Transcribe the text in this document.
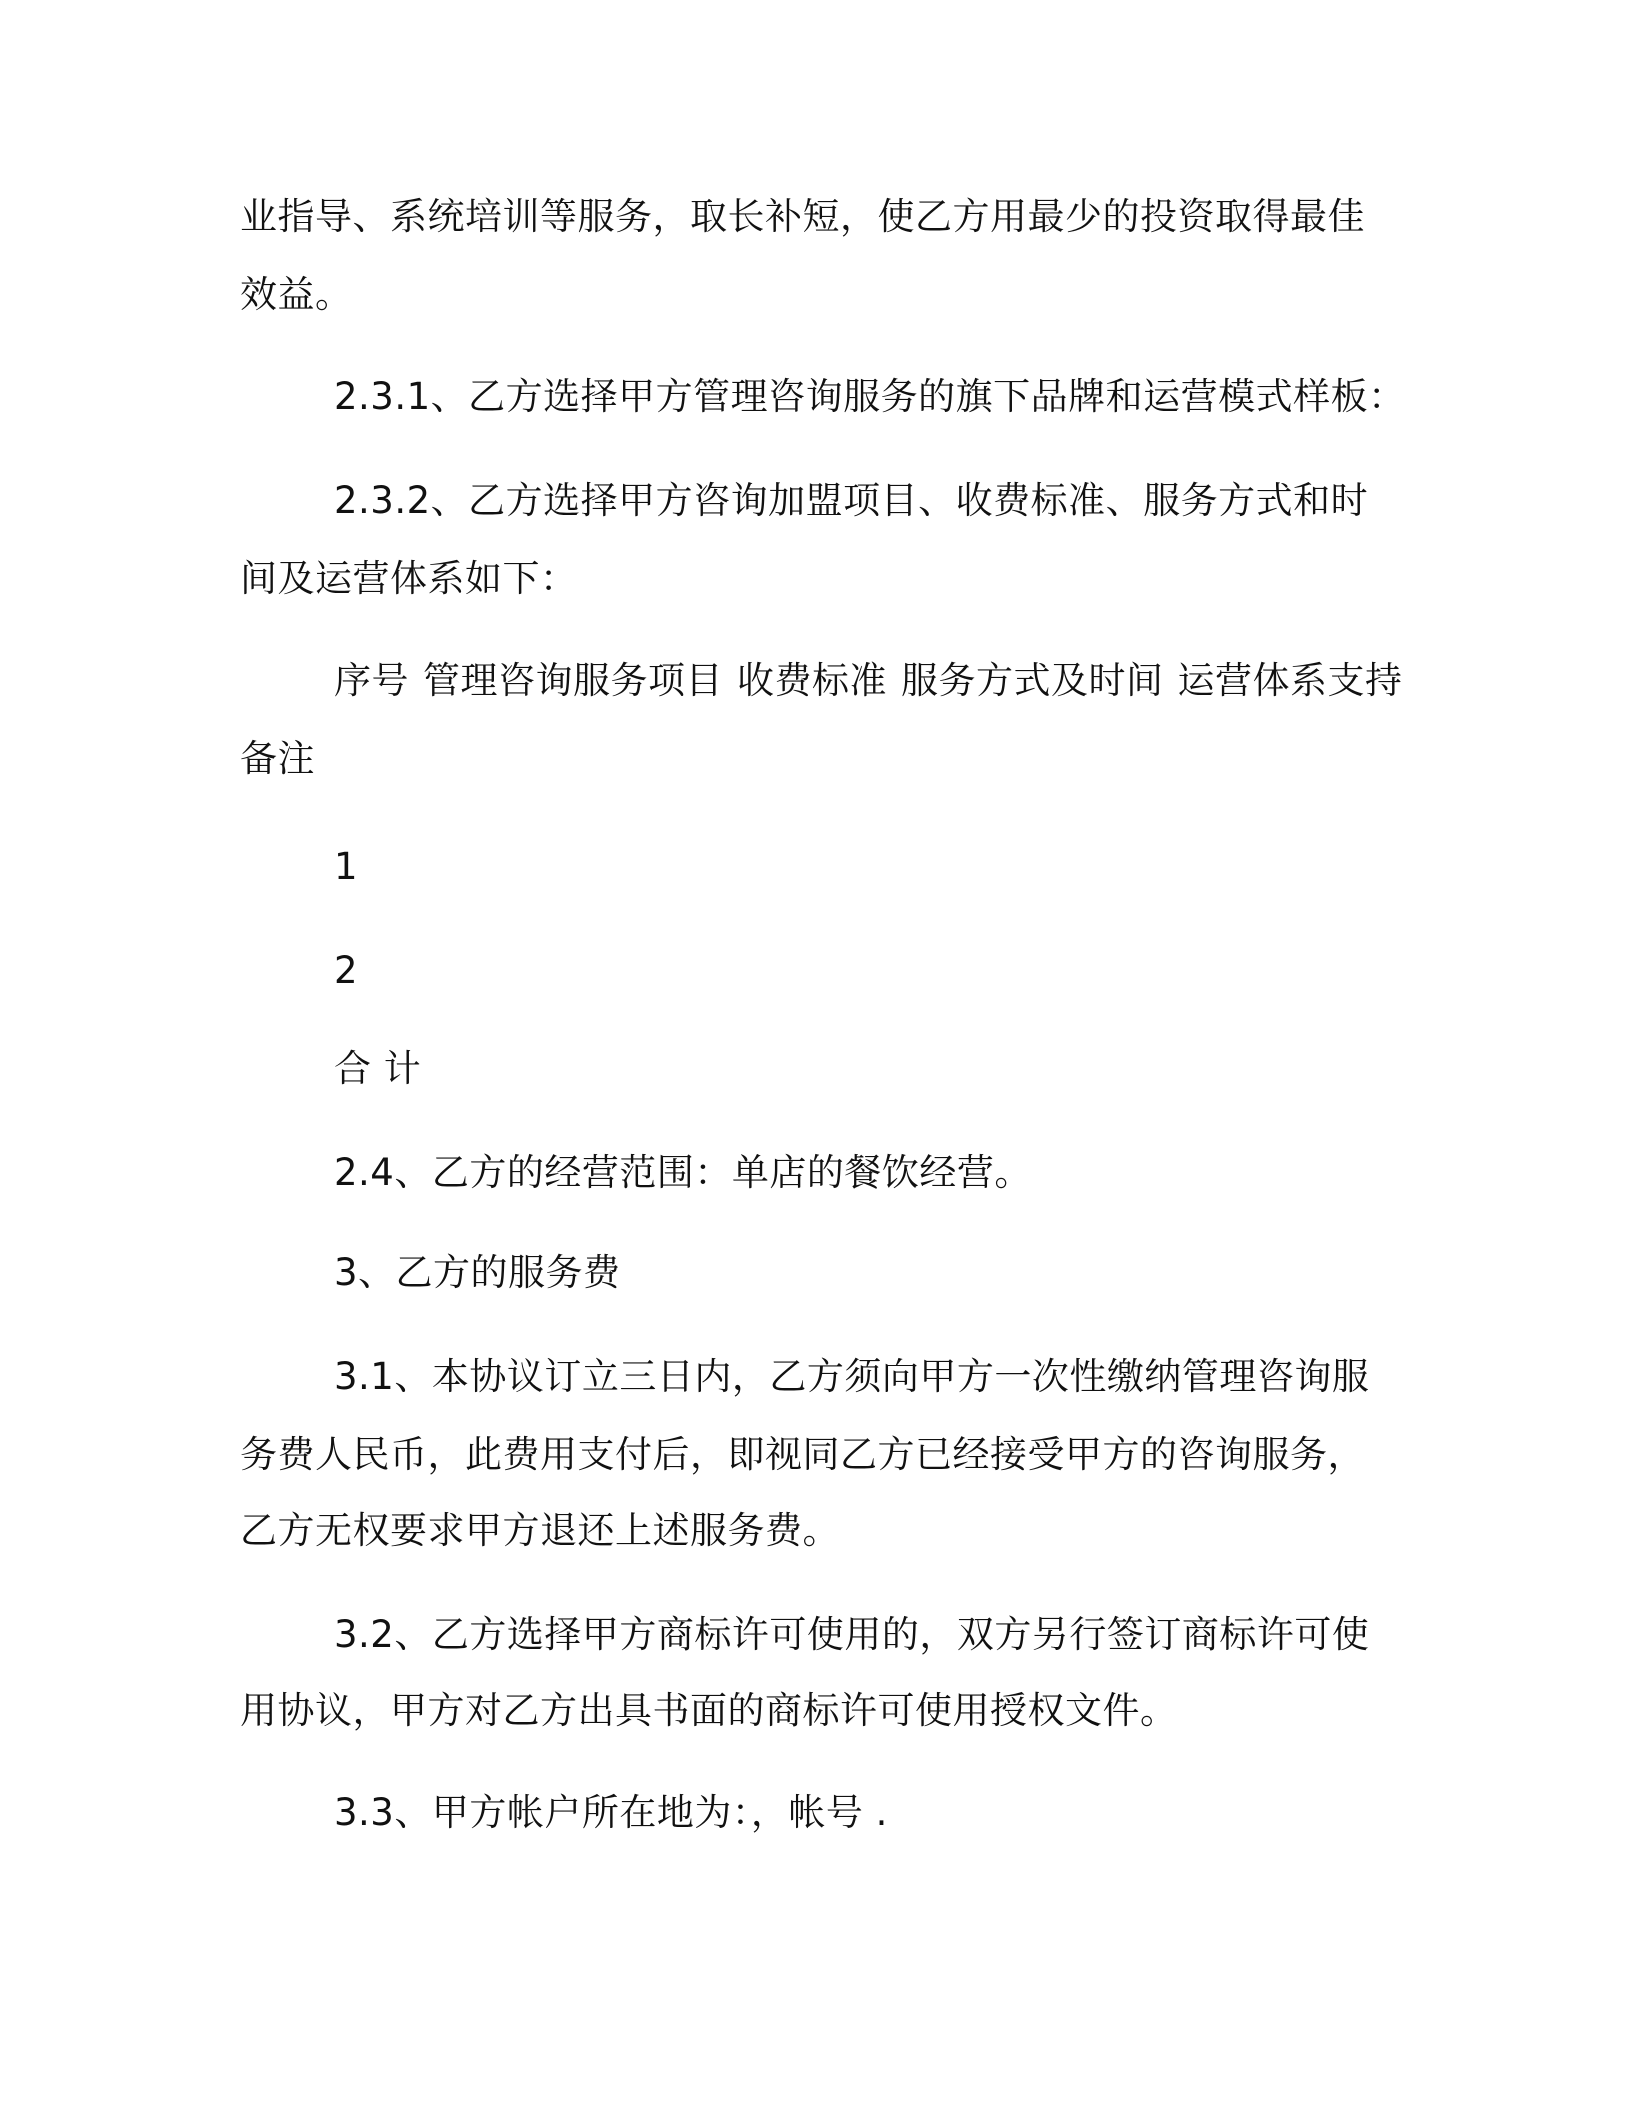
业指导、系统培训等服务，取长补短，使乙方用最少的投资取得最佳
效益。
2.3.1、乙方选择甲方管理咨询服务的旗下品牌和运营模式样板：
2.3.2、乙方选择甲方咨询加盟项目、收费标准、服务方式和时
间及运营体系如下：
序号 管理咨询服务项目 收费标准 服务方式及时间 运营体系支持
备注
1
2
合 计
2.4、乙方的经营范围：单店的餐饮经营。
3、乙方的服务费
3.1、本协议订立三日内，乙方须向甲方一次性缴纳管理咨询服
务费人民币，此费用支付后，即视同乙方已经接受甲方的咨询服务，
乙方无权要求甲方退还上述服务费。
3.2、乙方选择甲方商标许可使用的，双方另行签订商标许可使
用协议，甲方对乙方出具书面的商标许可使用授权文件。
3.3、甲方帐户所在地为：，帐号 .
